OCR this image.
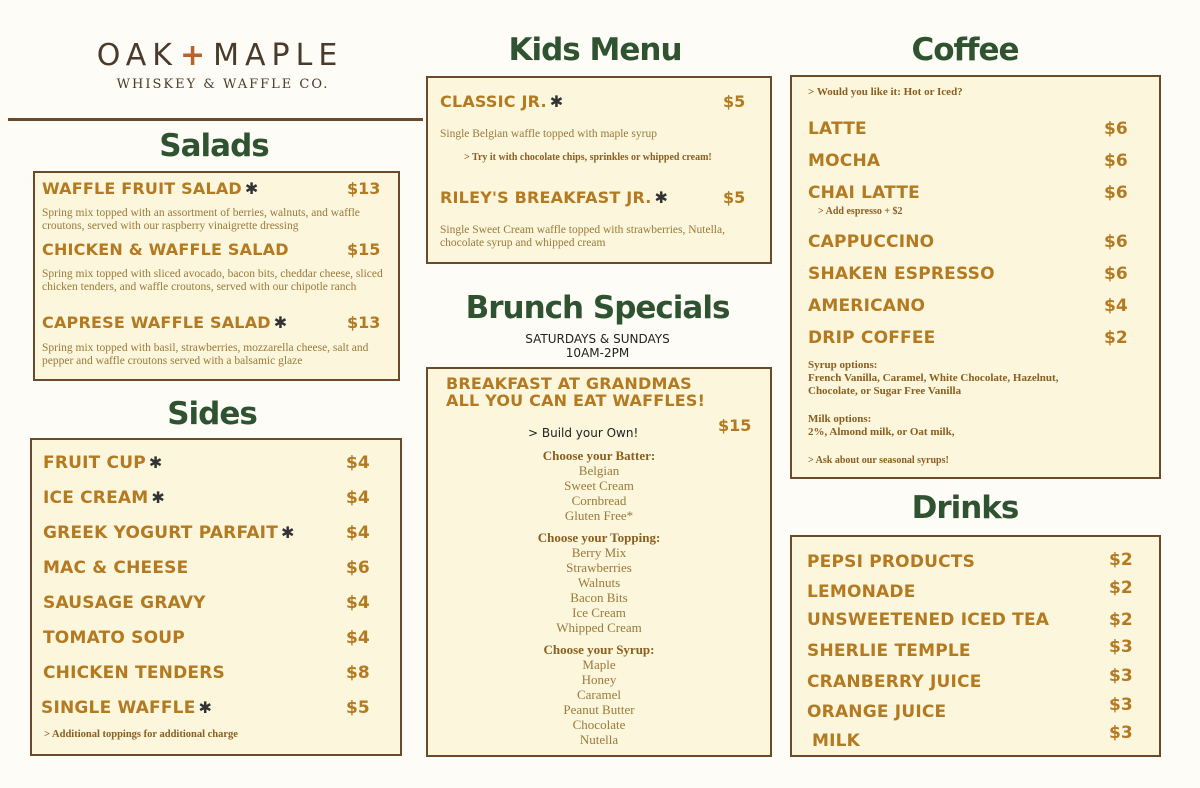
OAK+MAPLE
WHISKEY & WAFFLE CO.
Salads
WAFFLE FRUIT SALAD ✱	$13
Spring mix topped with an assortment of berries, walnuts, and waffle croutons, served with our raspberry vinaigrette dressing
CHICKEN & WAFFLE SALAD	$15
Spring mix topped with sliced avocado, bacon bits, cheddar cheese, sliced chicken tenders, and waffle croutons, served with our chipotle ranch
CAPRESE WAFFLE SALAD ✱	$13
Spring mix topped with basil, strawberries, mozzarella cheese, salt and pepper and waffle croutons served with a balsamic glaze
Sides
FRUIT CUP ✱	$4
ICE CREAM ✱	$4
GREEK YOGURT PARFAIT ✱	$4
MAC & CHEESE	$6
SAUSAGE GRAVY	$4
TOMATO SOUP	$4
CHICKEN TENDERS	$8
SINGLE WAFFLE ✱	$5
> Additional toppings for additional charge
Kids Menu
CLASSIC JR. ✱	$5
Single Belgian waffle topped with maple syrup
> Try it with chocolate chips, sprinkles or whipped cream!
RILEY'S BREAKFAST JR. ✱	$5
Single Sweet Cream waffle topped with strawberries, Nutella, chocolate syrup and whipped cream
Brunch Specials
SATURDAYS & SUNDAYS
10AM-2PM
BREAKFAST AT GRANDMAS
ALL YOU CAN EAT WAFFLES!
> Build your Own!	$15
Choose your Batter:
Belgian
Sweet Cream
Cornbread
Gluten Free*
Choose your Topping:
Berry Mix
Strawberries
Walnuts
Bacon Bits
Ice Cream
Whipped Cream
Choose your Syrup:
Maple
Honey
Caramel
Peanut Butter
Chocolate
Nutella
Coffee
> Would you like it: Hot or Iced?
LATTE	$6
MOCHA	$6
CHAI LATTE	$6
> Add espresso + $2
CAPPUCCINO	$6
SHAKEN ESPRESSO	$6
AMERICANO	$4
DRIP COFFEE	$2
Syrup options:
French Vanilla, Caramel, White Chocolate, Hazelnut, Chocolate, or Sugar Free Vanilla
Milk options:
2%, Almond milk, or Oat milk,
> Ask about our seasonal syrups!
Drinks
PEPSI PRODUCTS	$2
LEMONADE	$2
UNSWEETENED ICED TEA	$2
SHERLIE TEMPLE	$3
CRANBERRY JUICE	$3
ORANGE JUICE	$3
MILK	$3
